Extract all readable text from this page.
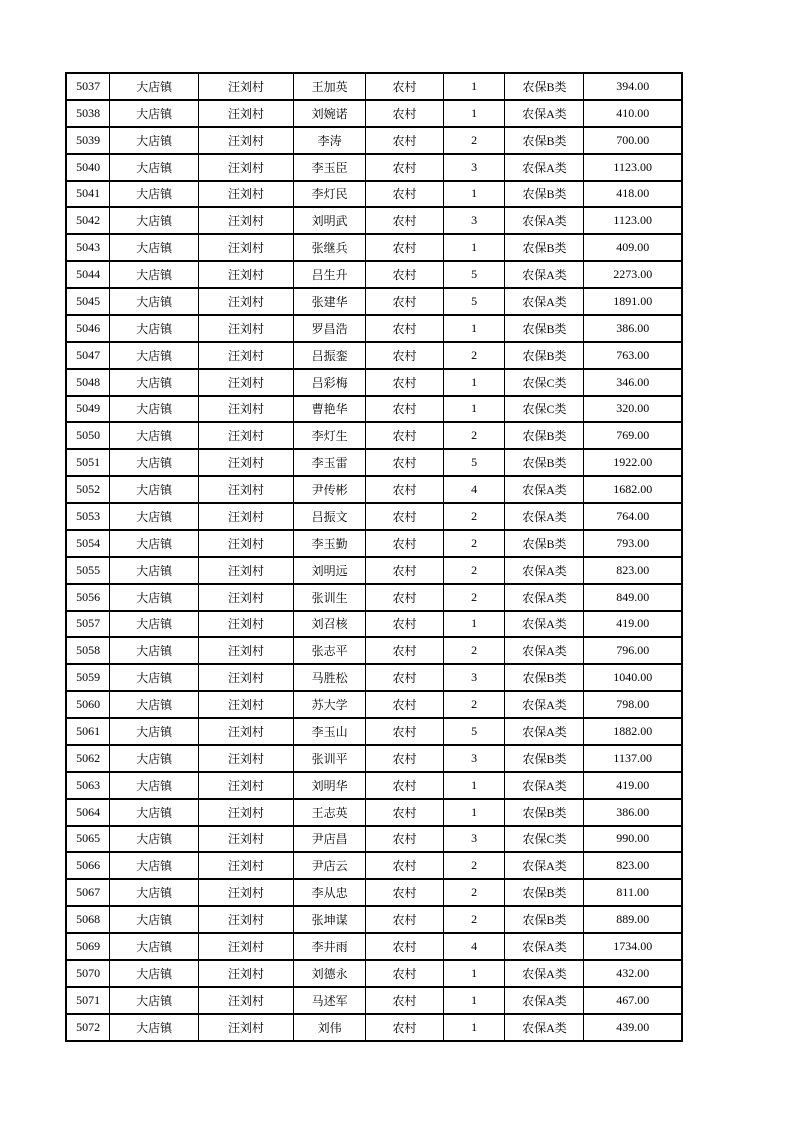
5037	大店镇	汪刘村	王加英	农村	1	农保B类	394.00
5038	大店镇	汪刘村	刘婉诺	农村	1	农保A类	410.00
5039	大店镇	汪刘村	李涛	农村	2	农保B类	700.00
5040	大店镇	汪刘村	李玉臣	农村	3	农保A类	1123.00
5041	大店镇	汪刘村	李灯民	农村	1	农保B类	418.00
5042	大店镇	汪刘村	刘明武	农村	3	农保A类	1123.00
5043	大店镇	汪刘村	张继兵	农村	1	农保B类	409.00
5044	大店镇	汪刘村	吕生升	农村	5	农保A类	2273.00
5045	大店镇	汪刘村	张建华	农村	5	农保A类	1891.00
5046	大店镇	汪刘村	罗昌浩	农村	1	农保B类	386.00
5047	大店镇	汪刘村	吕振銮	农村	2	农保B类	763.00
5048	大店镇	汪刘村	吕彩梅	农村	1	农保C类	346.00
5049	大店镇	汪刘村	曹艳华	农村	1	农保C类	320.00
5050	大店镇	汪刘村	李灯生	农村	2	农保B类	769.00
5051	大店镇	汪刘村	李玉雷	农村	5	农保B类	1922.00
5052	大店镇	汪刘村	尹传彬	农村	4	农保A类	1682.00
5053	大店镇	汪刘村	吕振文	农村	2	农保A类	764.00
5054	大店镇	汪刘村	李玉勤	农村	2	农保B类	793.00
5055	大店镇	汪刘村	刘明远	农村	2	农保A类	823.00
5056	大店镇	汪刘村	张训生	农村	2	农保A类	849.00
5057	大店镇	汪刘村	刘召核	农村	1	农保A类	419.00
5058	大店镇	汪刘村	张志平	农村	2	农保A类	796.00
5059	大店镇	汪刘村	马胜松	农村	3	农保B类	1040.00
5060	大店镇	汪刘村	苏大学	农村	2	农保A类	798.00
5061	大店镇	汪刘村	李玉山	农村	5	农保A类	1882.00
5062	大店镇	汪刘村	张训平	农村	3	农保B类	1137.00
5063	大店镇	汪刘村	刘明华	农村	1	农保A类	419.00
5064	大店镇	汪刘村	王志英	农村	1	农保B类	386.00
5065	大店镇	汪刘村	尹店昌	农村	3	农保C类	990.00
5066	大店镇	汪刘村	尹店云	农村	2	农保A类	823.00
5067	大店镇	汪刘村	李从忠	农村	2	农保B类	811.00
5068	大店镇	汪刘村	张坤谋	农村	2	农保B类	889.00
5069	大店镇	汪刘村	李井雨	农村	4	农保A类	1734.00
5070	大店镇	汪刘村	刘德永	农村	1	农保A类	432.00
5071	大店镇	汪刘村	马述军	农村	1	农保A类	467.00
5072	大店镇	汪刘村	刘伟	农村	1	农保A类	439.00
